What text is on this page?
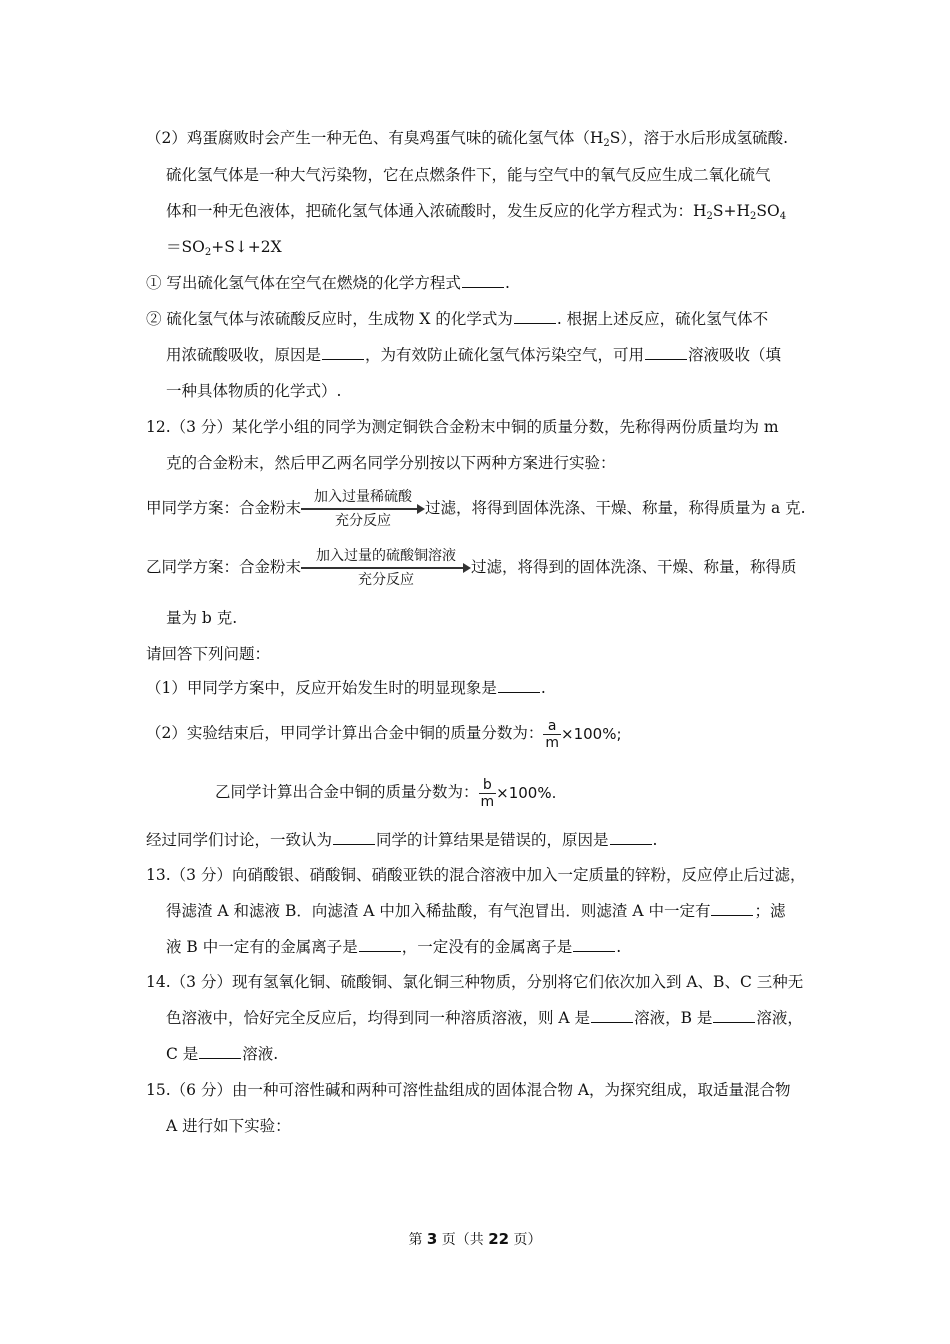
（2）鸡蛋腐败时会产生一种无色、有臭鸡蛋气味的硫化氢气体$(H_2S)$，溶于水后形成氢硫酸.
硫化氢气体是一种大气污染物，它在点燃条件下，能与空气中的氧气反应生成二氧化硫气
体和一种无色液体，把硫化氢气体通入浓硫酸时，发生反应的化学方程式为：$H_2S+H_2SO_4$
$=SO_2+S↓+2X$
① 写出硫化氢气体在空气在燃烧的化学方程式	.
② 硫化氢气体与浓硫酸反应时，生成物 X 的化学式为	. 根据上述反应，硫化氢气体不
用浓硫酸吸收，原因是	，为有效防止硫化氢气体污染空气，可用	溶液吸收（填
一种具体物质的化学式）.
12.（3 分）某化学小组的同学为测定铜铁合金粉末中铜的质量分数，先称得两份质量均为 m
克的合金粉末，然后甲乙两名同学分别按以下两种方案进行实验：
甲同学方案：合金粉末
加入过量稀硫酸
充分反应
过滤，将得到固体洗涤、干燥、称量，称得质量为 a 克.
乙同学方案：合金粉末
加入过量的硫酸铜溶液
充分反应
过滤，将得到的固体洗涤、干燥、称量，称得质
量为 b 克.
请回答下列问题：
（1）甲同学方案中，反应开始发生时的明显现象是	.
（2）实验结束后，甲同学计算出合金中铜的质量分数为： $\frac{a}{m} \times 100\%$;
乙同学计算出合金中铜的质量分数为： $\frac{b}{m} \times 100\%$.
经过同学们讨论，一致认为	同学的计算结果是错误的，原因是	.
13.（3 分）向硝酸银、硝酸铜、硝酸亚铁的混合溶液中加入一定质量的锌粉，反应停止后过滤，
得滤渣 A 和滤液 B．向滤渣 A 中加入稀盐酸，有气泡冒出．则滤渣 A 中一定有	；滤
液 B 中一定有的金属离子是	，一定没有的金属离子是	.
14.（3 分）现有氢氧化铜、硫酸铜、氯化铜三种物质，分别将它们依次加入到 A、B、C 三种无
色溶液中，恰好完全反应后，均得到同一种溶质溶液，则 A 是	溶液，B 是	溶液，
C 是	溶液.
15.（6 分）由一种可溶性碱和两种可溶性盐组成的固体混合物 A，为探究组成，取适量混合物
A 进行如下实验：
第 3 页（共 22 页）
